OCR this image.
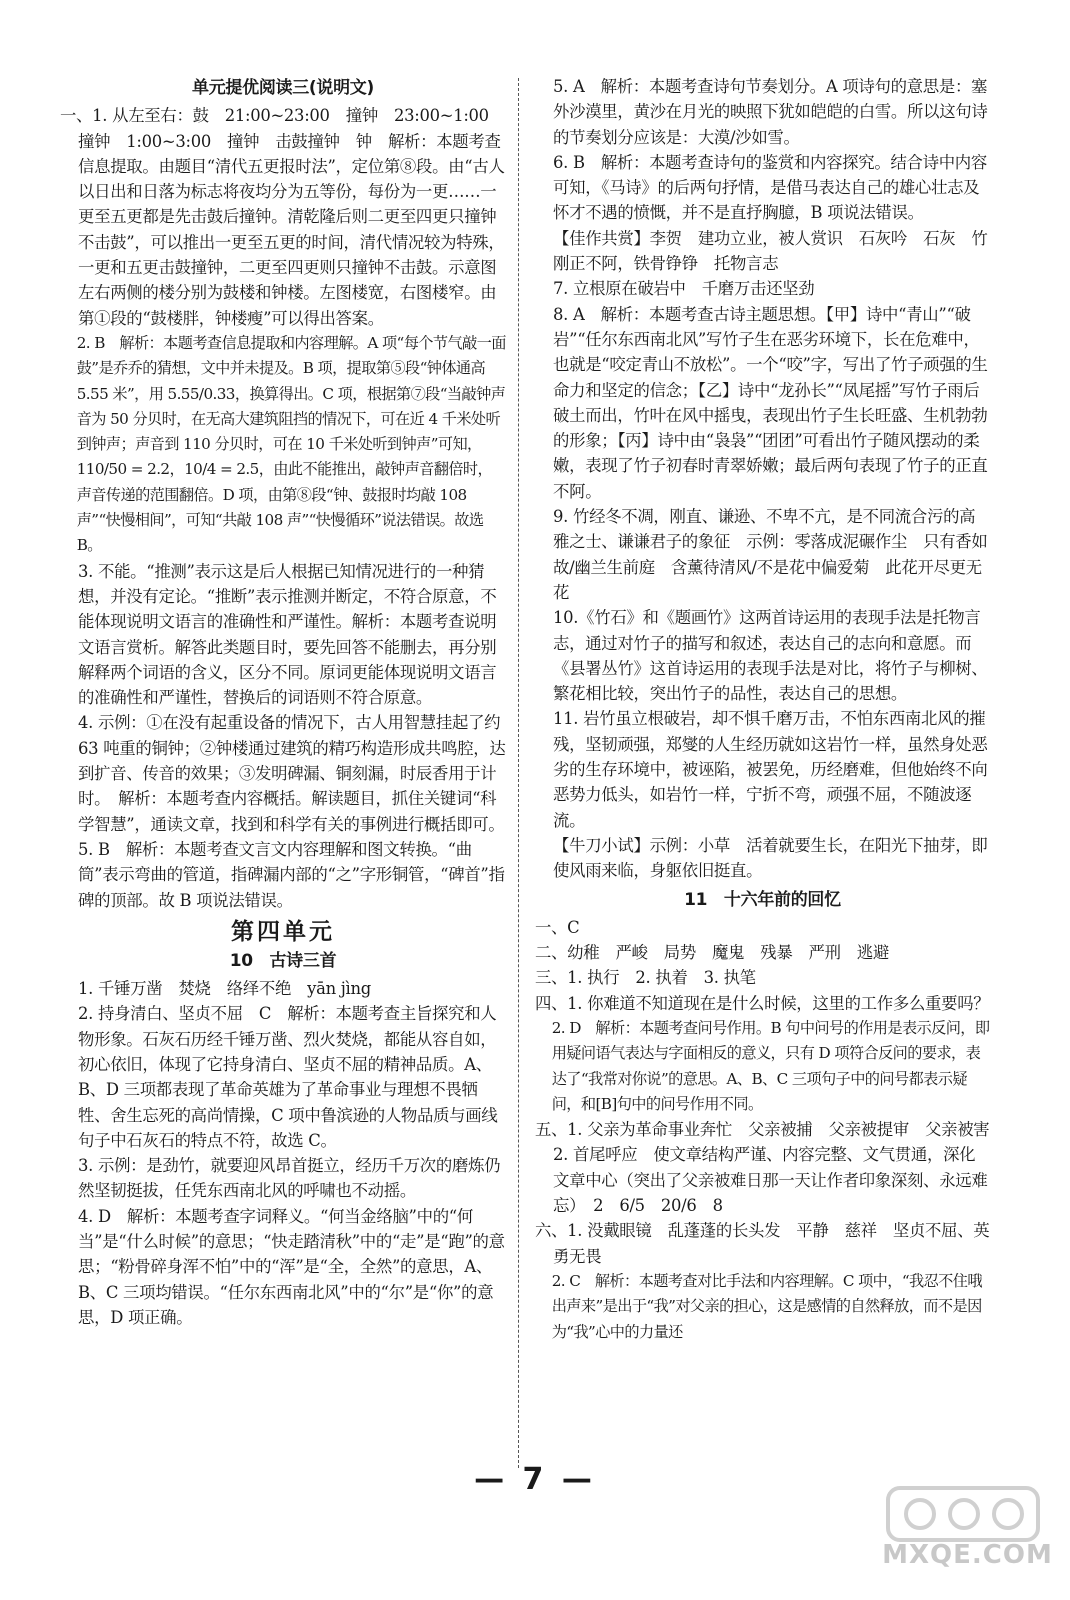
单元提优阅读三(说明文)

一、1. 从左至右：鼓　21:00~23:00　撞钟　23:00~1:00　撞钟　1:00~3:00　撞钟　击鼓撞钟　钟　解析：本题考查信息提取。由题目“清代五更报时法”，定位第⑧段。由“古人以日出和日落为标志将夜均分为五等份，每份为一更……一更至五更都是先击鼓后撞钟。清乾隆后则二更至四更只撞钟不击鼓”，可以推出一更至五更的时间，清代情况较为特殊，一更和五更击鼓撞钟，二更至四更则只撞钟不击鼓。示意图左右两侧的楼分别为鼓楼和钟楼。左图楼宽，右图楼窄。由第①段的“鼓楼胖，钟楼瘦”可以得出答案。

2. B　解析：本题考查信息提取和内容理解。A 项“每个节气敲一面鼓”是乔乔的猜想，文中并未提及。B 项，提取第⑤段“钟体通高 5.55 米”，用 5.55/0.33，换算得出。C 项，根据第⑦段“当敲钟声音为 50 分贝时，在无高大建筑阻挡的情况下，可在近 4 千米处听到钟声；声音到 110 分贝时，可在 10 千米处听到钟声”可知，110/50 = 2.2，10/4 = 2.5，由此不能推出，敲钟声音翻倍时，声音传递的范围翻倍。D 项，由第⑧段“钟、鼓报时均敲 108 声”“快慢相间”，可知“共敲 108 声”“快慢循环”说法错误。故选 B。

3. 不能。“推测”表示这是后人根据已知情况进行的一种猜想，并没有定论。“推断”表示推测并断定，不符合原意，不能体现说明文语言的准确性和严谨性。解析：本题考查说明文语言赏析。解答此类题目时，要先回答不能删去，再分别解释两个词语的含义，区分不同。原词更能体现说明文语言的准确性和严谨性，替换后的词语则不符合原意。

4. 示例：①在没有起重设备的情况下，古人用智慧挂起了约 63 吨重的铜钟；②钟楼通过建筑的精巧构造形成共鸣腔，达到扩音、传音的效果；③发明碑漏、铜刻漏，时辰香用于计时。　解析：本题考查内容概括。解读题目，抓住关键词“科学智慧”，通读文章，找到和科学有关的事例进行概括即可。

5. B　解析：本题考查文言文内容理解和图文转换。“曲筒”表示弯曲的管道，指碑漏内部的“之”字形铜管，“碑首”指碑的顶部。故 B 项说法错误。

第四单元
10　古诗三首

1. 千锤万凿　焚烧　络绎不绝　yān jìng

2. 持身清白、坚贞不屈　C　解析：本题考查主旨探究和人物形象。石灰石历经千锤万凿、烈火焚烧，都能从容自如，初心依旧，体现了它持身清白、坚贞不屈的精神品质。A、B、D 三项都表现了革命英雄为了革命事业与理想不畏牺牲、舍生忘死的高尚情操，C 项中鲁滨逊的人物品质与画线句子中石灰石的特点不符，故选 C。

3. 示例：是劲竹，就要迎风昂首挺立，经历千万次的磨炼仍然坚韧挺拔，任凭东西南北风的呼啸也不动摇。

4. D　解析：本题考查字词释义。“何当金络脑”中的“何当”是“什么时候”的意思；“快走踏清秋”中的“走”是“跑”的意思；“粉骨碎身浑不怕”中的“浑”是“全，全然”的意思，A、B、C 三项均错误。“任尔东西南北风”中的“尔”是“你”的意思，D 项正确。

5. A　解析：本题考查诗句节奏划分。A 项诗句的意思是：塞外沙漠里，黄沙在月光的映照下犹如皑皑的白雪。所以这句诗的节奏划分应该是：大漠/沙如雪。

6. B　解析：本题考查诗句的鉴赏和内容探究。结合诗中内容可知，《马诗》的后两句抒情，是借马表达自己的雄心壮志及怀才不遇的愤慨，并不是直抒胸臆，B 项说法错误。

【佳作共赏】李贺　建功立业，被人赏识　石灰吟　石灰　竹　刚正不阿，铁骨铮铮　托物言志

7. 立根原在破岩中　千磨万击还坚劲

8. A　解析：本题考查古诗主题思想。【甲】诗中“青山”“破岩”“任尔东西南北风”写竹子生在恶劣环境下，长在危难中，也就是“咬定青山不放松”。一个“咬”字，写出了竹子顽强的生命力和坚定的信念；【乙】诗中“龙孙长”“凤尾摇”写竹子雨后破土而出，竹叶在风中摇曳，表现出竹子生长旺盛、生机勃勃的形象；【丙】诗中由“袅袅”“团团”可看出竹子随风摆动的柔嫩，表现了竹子初春时青翠娇嫩；最后两句表现了竹子的正直不阿。

9. 竹经冬不凋，刚直、谦逊、不卑不亢，是不同流合污的高雅之士、谦谦君子的象征　示例：零落成泥碾作尘　只有香如故/幽兰生前庭　含薰待清风/不是花中偏爱菊　此花开尽更无花

10.《竹石》和《题画竹》这两首诗运用的表现手法是托物言志，通过对竹子的描写和叙述，表达自己的志向和意愿。而《县署丛竹》这首诗运用的表现手法是对比，将竹子与柳树、繁花相比较，突出竹子的品性，表达自己的思想。

11. 岩竹虽立根破岩，却不惧千磨万击，不怕东西南北风的摧残，坚韧顽强，郑燮的人生经历就如这岩竹一样，虽然身处恶劣的生存环境中，被诬陷，被罢免，历经磨难，但他始终不向恶势力低头，如岩竹一样，宁折不弯，顽强不屈，不随波逐流。

【牛刀小试】示例：小草　活着就要生长，在阳光下抽芽，即使风雨来临，身躯依旧挺直。

11　十六年前的回忆

一、C

二、幼稚　严峻　局势　魔鬼　残暴　严刑　逃避

三、1. 执行　2. 执着　3. 执笔

四、1. 你难道不知道现在是什么时候，这里的工作多么重要吗？

2. D　解析：本题考查问号作用。B 句中问号的作用是表示反问，即用疑问语气表达与字面相反的意义，只有 D 项符合反问的要求，表达了“我常对你说”的意思。A、B、C 三项句子中的问号都表示疑问，和[B]句中的问号作用不同。

五、1. 父亲为革命事业奔忙　父亲被捕　父亲被提审　父亲被害

2. 首尾呼应　使文章结构严谨、内容完整、文气贯通，深化文章中心（突出了父亲被难日那一天让作者印象深刻、永远难忘）　2　6/5　20/6　8

六、1. 没戴眼镜　乱蓬蓬的长头发　平静　慈祥　坚贞不屈、英勇无畏

2. C　解析：本题考查对比手法和内容理解。C 项中，“我忍不住哦出声来”是出于“我”对父亲的担心，这是感情的自然释放，而不是因为“我”心中的力量还

— 7 —
MXQE.COM
